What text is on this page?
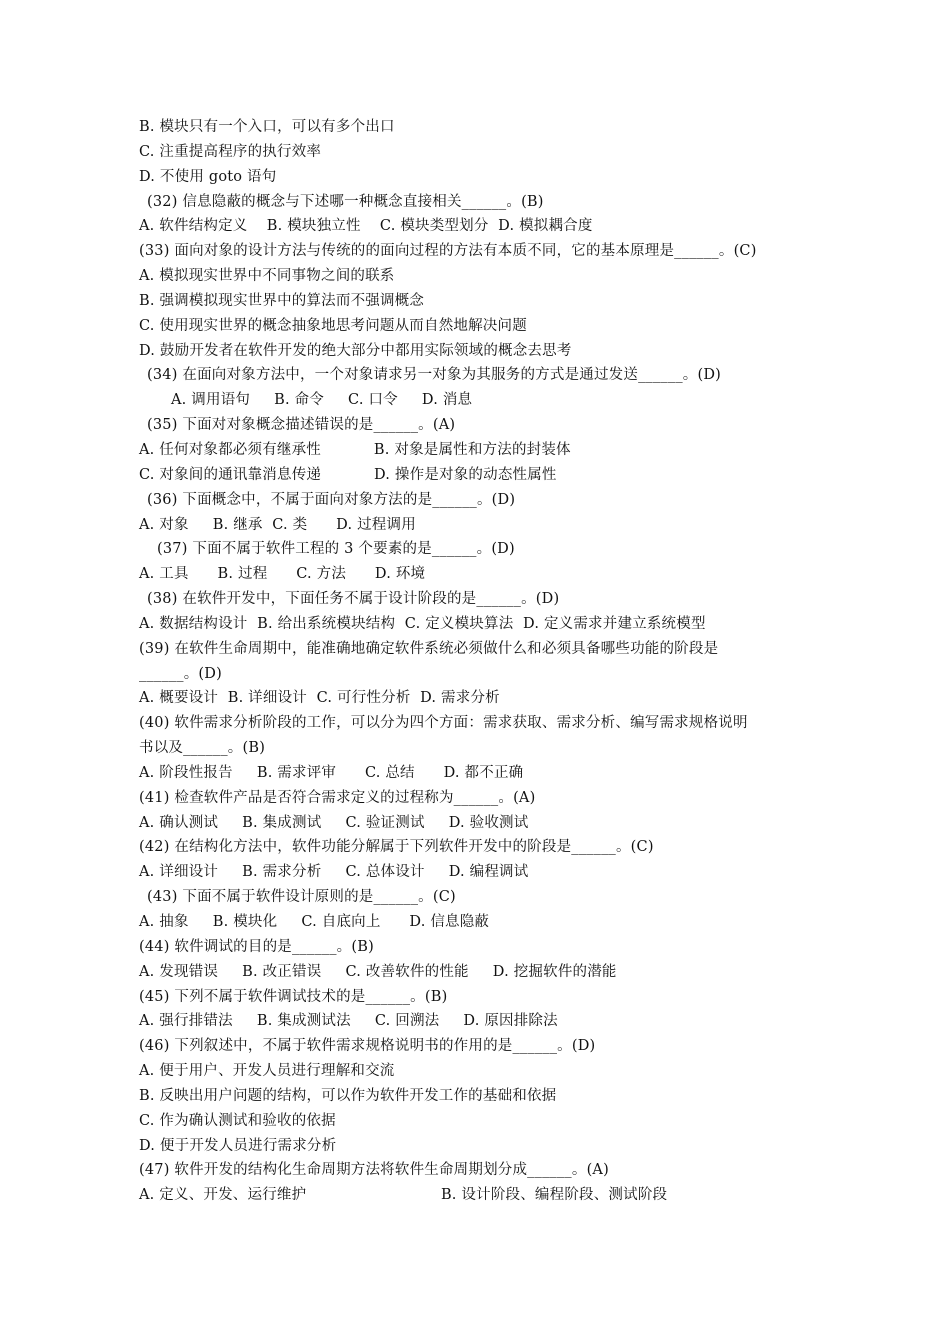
B. 模块只有一个入口，可以有多个出口
C. 注重提高程序的执行效率
D. 不使用 goto 语句
(32) 信息隐蔽的概念与下述哪一种概念直接相关______。(B)
A. 软件结构定义    B. 模块独立性    C. 模块类型划分  D. 模拟耦合度
(33) 面向对象的设计方法与传统的的面向过程的方法有本质不同，它的基本原理是______。(C)
A. 模拟现实世界中不同事物之间的联系
B. 强调模拟现实世界中的算法而不强调概念
C. 使用现实世界的概念抽象地思考问题从而自然地解决问题
D. 鼓励开发者在软件开发的绝大部分中都用实际领域的概念去思考
(34) 在面向对象方法中，一个对象请求另一对象为其服务的方式是通过发送______。(D)
A. 调用语句     B. 命令     C. 口令     D. 消息
(35) 下面对对象概念描述错误的是______。(A)
A. 任何对象都必须有继承性           B. 对象是属性和方法的封装体
C. 对象间的通讯靠消息传递           D. 操作是对象的动态性属性
(36) 下面概念中，不属于面向对象方法的是______。(D)
A. 对象     B. 继承  C. 类      D. 过程调用
(37) 下面不属于软件工程的 3 个要素的是______。(D)
A. 工具      B. 过程      C. 方法      D. 环境
(38) 在软件开发中，下面任务不属于设计阶段的是______。(D)
A. 数据结构设计  B. 给出系统模块结构  C. 定义模块算法  D. 定义需求并建立系统模型
(39) 在软件生命周期中，能准确地确定软件系统必须做什么和必须具备哪些功能的阶段是
______。(D)
A. 概要设计  B. 详细设计  C. 可行性分析  D. 需求分析
(40) 软件需求分析阶段的工作，可以分为四个方面：需求获取、需求分析、编写需求规格说明
书以及______。(B)
A. 阶段性报告     B. 需求评审      C. 总结      D. 都不正确
(41) 检查软件产品是否符合需求定义的过程称为______。(A)
A. 确认测试     B. 集成测试     C. 验证测试     D. 验收测试
(42) 在结构化方法中，软件功能分解属于下列软件开发中的阶段是______。(C)
A. 详细设计     B. 需求分析     C. 总体设计     D. 编程调试
(43) 下面不属于软件设计原则的是______。(C)
A. 抽象     B. 模块化     C. 自底向上      D. 信息隐蔽
(44) 软件调试的目的是______。(B)
A. 发现错误     B. 改正错误     C. 改善软件的性能     D. 挖掘软件的潜能
(45) 下列不属于软件调试技术的是______。(B)
A. 强行排错法     B. 集成测试法     C. 回溯法     D. 原因排除法
(46) 下列叙述中，不属于软件需求规格说明书的作用的是______。(D)
A. 便于用户、开发人员进行理解和交流
B. 反映出用户问题的结构，可以作为软件开发工作的基础和依据
C. 作为确认测试和验收的依据
D. 便于开发人员进行需求分析
(47) 软件开发的结构化生命周期方法将软件生命周期划分成______。(A)
A. 定义、开发、运行维护                            B. 设计阶段、编程阶段、测试阶段
